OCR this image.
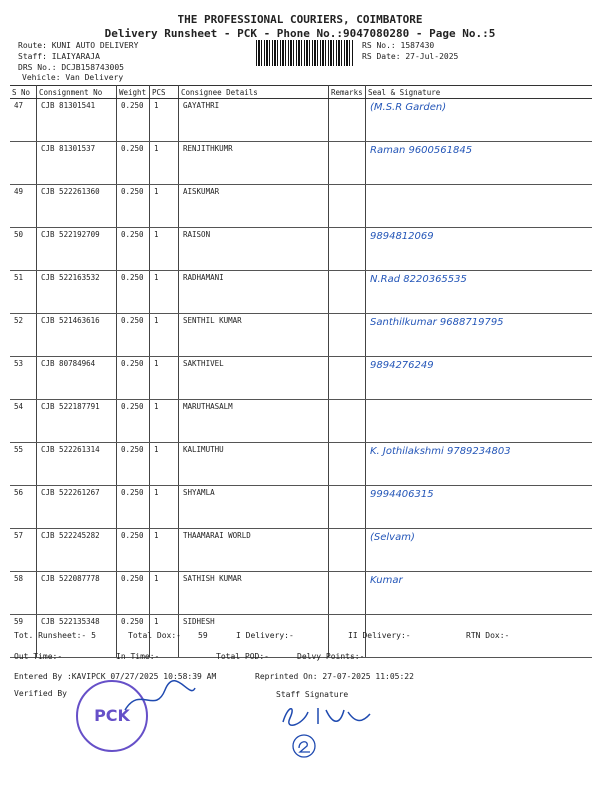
THE PROFESSIONAL COURIERS, COIMBATORE
Delivery Runsheet - PCK - Phone No.:9047080280 - Page No.:5
Route: KUNI AUTO DELIVERY
Staff: ILAIYARAJA
DRS No.: DCJB158743005
Vehicle: Van Delivery
RS No.: 1587430
RS Date: 27-Jul-2025
S No	Consignment No	Weight	PCS	Consignee Details	Remarks	Seal & Signature
47	CJB 81301541	0.250	1	GAYATHRI		(M.S.R Garden)
	CJB 81301537	0.250	1	RENJITHKUMR		Raman 9600561845
49	CJB 522261360	0.250	1	AISKUMAR		
50	CJB 522192709	0.250	1	RAISON		9894812069
51	CJB 522163532	0.250	1	RADHAMANI		N.Rad 8220365535
52	CJB 521463616	0.250	1	SENTHIL KUMAR		Santhilkumar 9688719795
53	CJB 80784964	0.250	1	SAKTHIVEL		9894276249
54	CJB 522187791	0.250	1	MARUTHASALM		
55	CJB 522261314	0.250	1	KALIMUTHU		K. Jothilakshmi 9789234803
56	CJB 522261267	0.250	1	SHYAMLA		9994406315
57	CJB 522245282	0.250	1	THAAMARAI WORLD		(Selvam)
58	CJB 522087778	0.250	1	SATHISH KUMAR		Kumar
59	CJB 522135348	0.250	1	SIDHESH		
Tot. Runsheet:- 5	Total Dox:- 59	I Delivery:-	II Delivery:-	RTN Dox:-
Out Time:-	In Time:-	Total POD:-	Delvy Points:-
Entered By :KAVIPCK 07/27/2025 10:58:39 AM	Reprinted On: 27-07-2025 11:05:22
Verified By	Staff Signature
PCK
